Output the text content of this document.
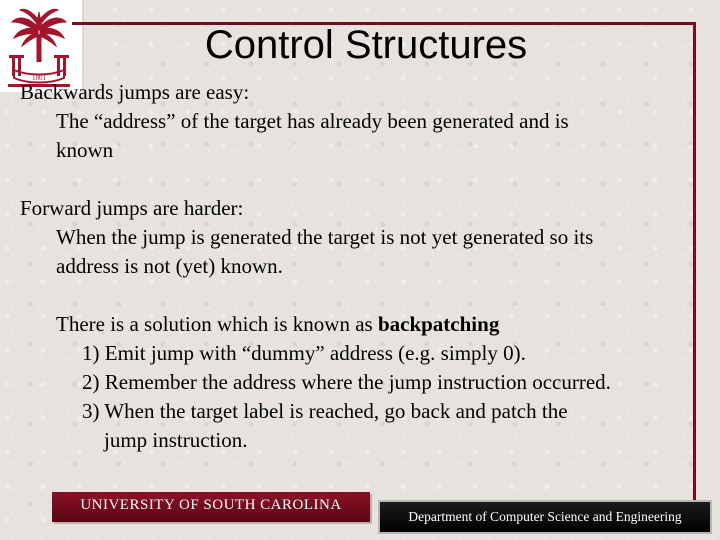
1801
Control Structures

Backwards jumps are easy:

The “address” of the target has already been generated and is

known

Forward jumps are harder:

When the jump is generated the target is not yet generated so its

address is not (yet) known.

There is a solution which is known as backpatching

1) Emit jump with “dummy” address (e.g. simply 0).

2) Remember the address where the jump instruction occurred.

3) When the target label is reached, go back and patch the

jump instruction.

UNIVERSITY OF SOUTH CAROLINA
Department of Computer Science and Engineering
